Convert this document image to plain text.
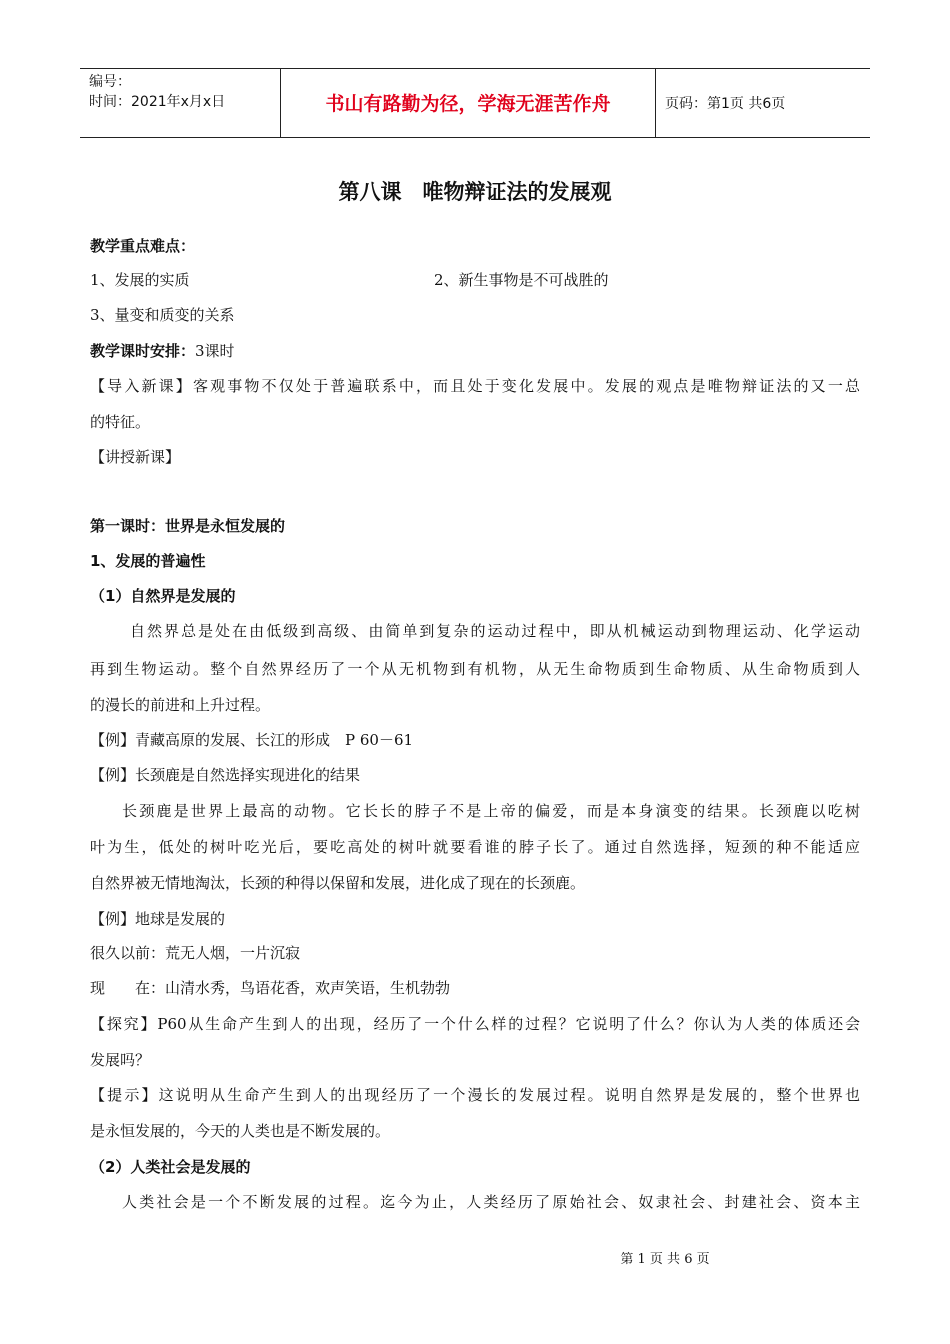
编号：
时间：2021年x月x日	书山有路勤为径，学海无涯苦作舟	页码：第1页 共6页
第八课　唯物辩证法的发展观
教学重点难点：
1、发展的实质	2、新生事物是不可战胜的
3、量变和质变的关系
教学课时安排：3课时
【导入新课】客观事物不仅处于普遍联系中，而且处于变化发展中。发展的观点是唯物辩证法的又一总
的特征。
【讲授新课】
第一课时：世界是永恒发展的
1、发展的普遍性
（1）自然界是发展的
自然界总是处在由低级到高级、由简单到复杂的运动过程中，即从机械运动到物理运动、化学运动
再到生物运动。整个自然界经历了一个从无机物到有机物，从无生命物质到生命物质、从生命物质到人
的漫长的前进和上升过程。
【例】青藏高原的发展、长江的形成　P 60－61
【例】长颈鹿是自然选择实现进化的结果
长颈鹿是世界上最高的动物。它长长的脖子不是上帝的偏爱，而是本身演变的结果。长颈鹿以吃树
叶为生，低处的树叶吃光后，要吃高处的树叶就要看谁的脖子长了。通过自然选择，短颈的种不能适应
自然界被无情地淘汰，长颈的种得以保留和发展，进化成了现在的长颈鹿。
【例】地球是发展的
很久以前：荒无人烟，一片沉寂
现　　在：山清水秀，鸟语花香，欢声笑语，生机勃勃
【探究】P60从生命产生到人的出现，经历了一个什么样的过程？它说明了什么？你认为人类的体质还会
发展吗？
【提示】这说明从生命产生到人的出现经历了一个漫长的发展过程。说明自然界是发展的，整个世界也
是永恒发展的，今天的人类也是不断发展的。
（2）人类社会是发展的
人类社会是一个不断发展的过程。迄今为止，人类经历了原始社会、奴隶社会、封建社会、资本主
第 1 页 共 6 页
